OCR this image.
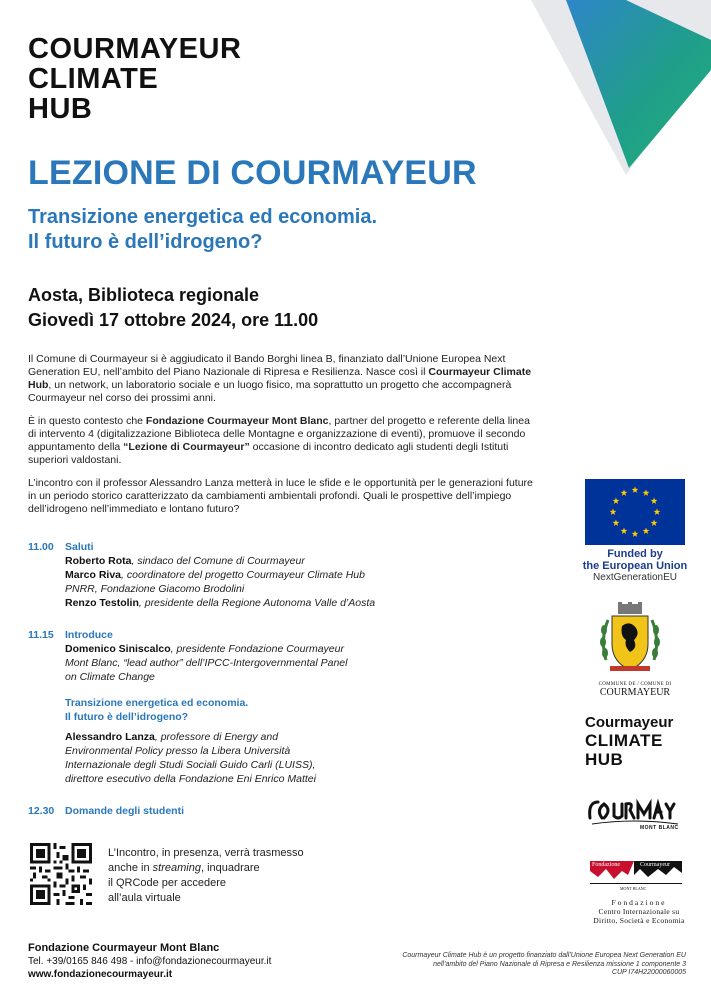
COURMAYEUR
CLIMATE
HUB
LEZIONE DI COURMAYEUR
Transizione energetica ed economia.
Il futuro è dell’idrogeno?
Aosta, Biblioteca regionale
Giovedì 17 ottobre 2024, ore 11.00

Il Comune di Courmayeur si è aggiudicato il Bando Borghi linea B, finanziato dall’Unione Europea Next Generation EU, nell’ambito del Piano Nazionale di Ripresa e Resilienza. Nasce così il Courmayeur Climate Hub, un network, un laboratorio sociale e un luogo fisico, ma soprattutto un progetto che accompagnerà Courmayeur nel corso dei prossimi anni.

È in questo contesto che Fondazione Courmayeur Mont Blanc, partner del progetto e referente della linea di intervento 4 (digitalizzazione Biblioteca delle Montagne e organizzazione di eventi), promuove il secondo appuntamento della “Lezione di Courmayeur” occasione di incontro dedicato agli studenti degli Istituti superiori valdostani.

L’incontro con il professor Alessandro Lanza metterà in luce le sfide e le opportunità per le generazioni future in un periodo storico caratterizzato da cambiamenti ambientali profondi. Quali le prospettive dell’impiego dell’idrogeno nell’immediato e lontano futuro?

11.00	Saluti
Roberto Rota, sindaco del Comune di Courmayeur
Marco Riva, coordinatore del progetto Courmayeur Climate Hub
PNRR, Fondazione Giacomo Brodolini
Renzo Testolin, presidente della Regione Autonoma Valle d’Aosta
11.15	Introduce
Domenico Siniscalco, presidente Fondazione Courmayeur
Mont Blanc, “lead author” dell’IPCC-Intergovernmental Panel
on Climate Change
Transizione energetica ed economia.
Il futuro è dell’idrogeno?
Alessandro Lanza, professore di Energy and
Environmental Policy presso la Libera Università
Internazionale degli Studi Sociali Guido Carli (LUISS),
direttore esecutivo della Fondazione Eni Enrico Mattei
12.30	Domande degli studenti
L’Incontro, in presenza, verrà trasmesso
anche in streaming, inquadrare
il QRCode per accedere
all’aula virtuale
Fondazione Courmayeur Mont Blanc
Tel. +39/0165 846 498 - info@fondazionecourmayeur.it
www.fondazionecourmayeur.it
Courmayeur Climate Hub è un progetto finanziato dall’Unione Europea Next Generation EU
nell’ambito del Piano Nazionale di Ripresa e Resilienza missione 1 componente 3
CUP I74H22000060005
Funded by
the European Union
NextGenerationEU
COMMUNE DE / COMUNE DI
COURMAYEUR
Courmayeur
CLIMATE
HUB
MONT BLANC
Fondazione	Courmayeur
MONT BLANC
Fondazione
Centro Internazionale su
Diritto, Società e Economia
